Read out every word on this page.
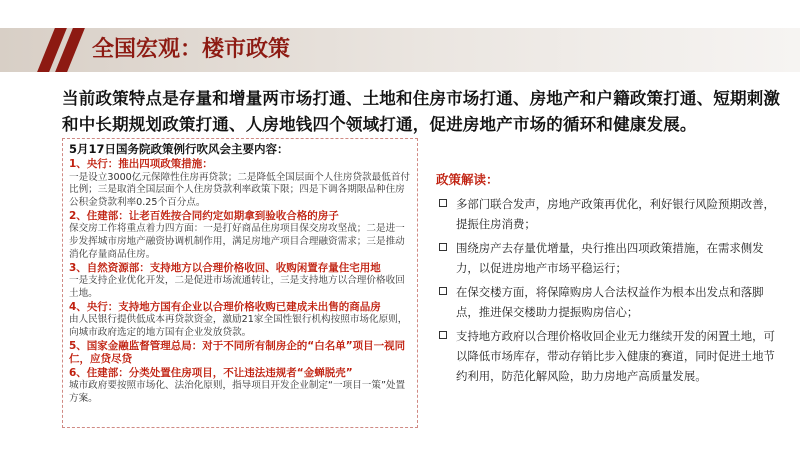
全国宏观：楼市政策
当前政策特点是存量和增量两市场打通、土地和住房市场打通、房地产和户籍政策打通、短期刺激和中长期规划政策打通、人房地钱四个领域打通，促进房地产市场的循环和健康发展。
5月17日国务院政策例行吹风会主要内容：
1、央行：推出四项政策措施：
一是设立3000亿元保障性住房再贷款；二是降低全国层面个人住房贷款最低首付比例；三是取消全国层面个人住房贷款利率政策下限；四是下调各期限品种住房公积金贷款利率0.25个百分点。
2、住建部：让老百姓按合同约定如期拿到验收合格的房子
保交房工作将重点着力四方面：一是打好商品住房项目保交房攻坚战；二是进一步发挥城市房地产融资协调机制作用，满足房地产项目合理融资需求；三是推动消化存量商品住房。
3、自然资源部：支持地方以合理价格收回、收购闲置存量住宅用地
一是支持企业优化开发，二是促进市场流通转让，三是支持地方以合理价格收回土地。
4、央行：支持地方国有企业以合理价格收购已建成未出售的商品房
由人民银行提供低成本再贷款资金，激励21家全国性银行机构按照市场化原则，向城市政府选定的地方国有企业发放贷款。
5、国家金融监督管理总局：对于不同所有制房企的“白名单”项目一视同仁，应贷尽贷
6、住建部：分类处置住房项目，不让违法违规者“金蝉脱壳”
城市政府要按照市场化、法治化原则，指导项目开发企业制定“一项目一策”处置方案。
政策解读：
多部门联合发声，房地产政策再优化，利好银行风险预期改善，提振住房消费；
围绕房产去存量优增量，央行推出四项政策措施，在需求侧发力，以促进房地产市场平稳运行；
在保交楼方面，将保障购房人合法权益作为根本出发点和落脚点，推进保交楼助力提振购房信心；
支持地方政府以合理价格收回企业无力继续开发的闲置土地，可以降低市场库存，带动存销比步入健康的赛道，同时促进土地节约利用，防范化解风险，助力房地产高质量发展。
